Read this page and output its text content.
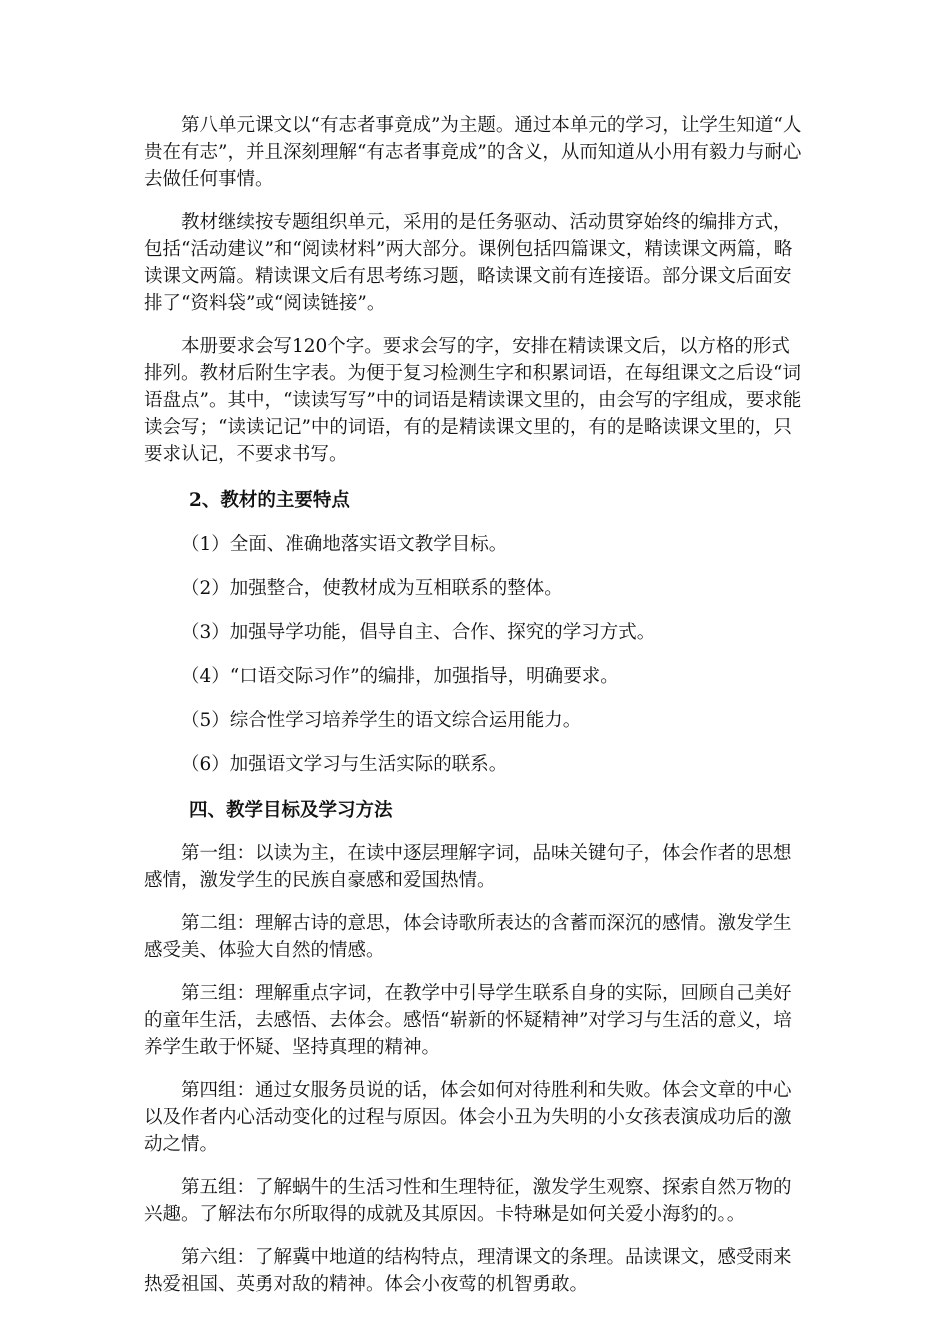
第八单元课文以“有志者事竟成”为主题。通过本单元的学习，让学生知道“人贵在有志”，并且深刻理解“有志者事竟成”的含义，从而知道从小用有毅力与耐心去做任何事情。

教材继续按专题组织单元，采用的是任务驱动、活动贯穿始终的编排方式，包括“活动建议”和“阅读材料”两大部分。课例包括四篇课文，精读课文两篇，略读课文两篇。精读课文后有思考练习题，略读课文前有连接语。部分课文后面安排了“资料袋”或“阅读链接”。

本册要求会写120个字。要求会写的字，安排在精读课文后，以方格的形式排列。教材后附生字表。为便于复习检测生字和积累词语，在每组课文之后设“词语盘点”。其中，“读读写写”中的词语是精读课文里的，由会写的字组成，要求能读会写；“读读记记”中的词语，有的是精读课文里的，有的是略读课文里的，只要求认记，不要求书写。

2、教材的主要特点

（1）全面、准确地落实语文教学目标。

（2）加强整合，使教材成为互相联系的整体。

（3）加强导学功能，倡导自主、合作、探究的学习方式。

（4）“口语交际习作”的编排，加强指导，明确要求。

（5）综合性学习培养学生的语文综合运用能力。

（6）加强语文学习与生活实际的联系。

四、教学目标及学习方法

第一组：以读为主，在读中逐层理解字词，品味关键句子，体会作者的思想感情，激发学生的民族自豪感和爱国热情。

第二组：理解古诗的意思，体会诗歌所表达的含蓄而深沉的感情。激发学生感受美、体验大自然的情感。

第三组：理解重点字词，在教学中引导学生联系自身的实际，回顾自己美好的童年生活，去感悟、去体会。感悟“崭新的怀疑精神”对学习与生活的意义，培养学生敢于怀疑、坚持真理的精神。

第四组：通过女服务员说的话，体会如何对待胜利和失败。体会文章的中心以及作者内心活动变化的过程与原因。体会小丑为失明的小女孩表演成功后的激动之情。

第五组：了解蜗牛的生活习性和生理特征，激发学生观察、探索自然万物的兴趣。了解法布尔所取得的成就及其原因。卡特琳是如何关爱小海豹的。。

第六组：了解冀中地道的结构特点，理清课文的条理。品读课文，感受雨来热爱祖国、英勇对敌的精神。体会小夜莺的机智勇敢。
